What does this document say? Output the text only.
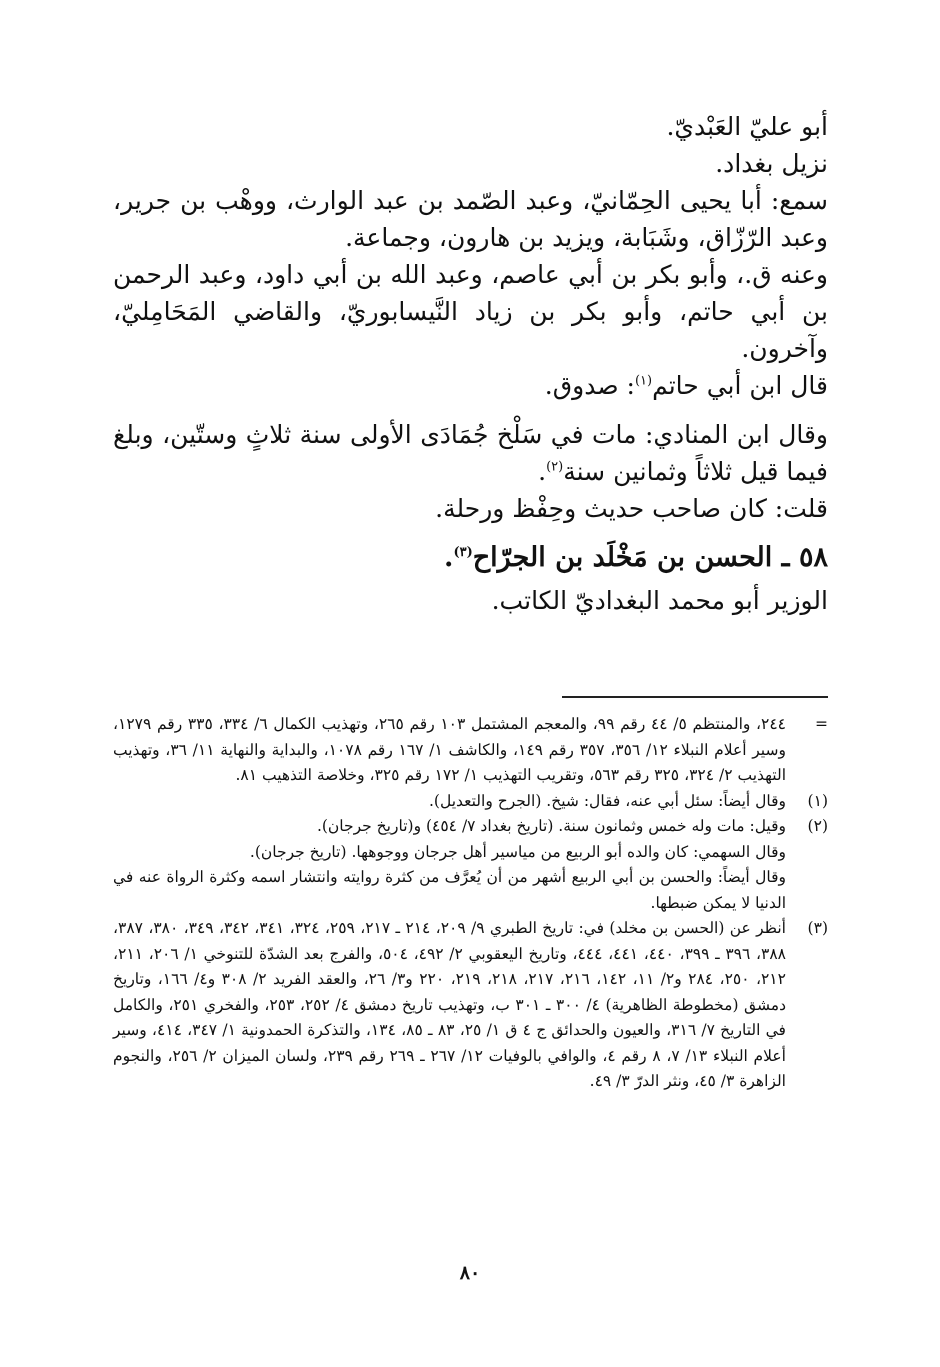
أبو عليّ العَبْديّ.

نزيل بغداد.

سمع: أبا يحيى الحِمّانيّ، وعبد الصّمد بن عبد الوارث، ووهْب بن جرير، وعبد الرّزّاق، وشَبَابة، ويزيد بن هارون، وجماعة.

وعنه ق.، وأبو بكر بن أبي عاصم، وعبد الله بن أبي داود، وعبد الرحمن بن أبي حاتم، وأبو بكر بن زياد النَّيسابوريّ، والقاضي المَحَامِليّ، وآخرون.

قال ابن أبي حاتم$^{(١)}$: صدوق.

وقال ابن المنادي: مات في سَلْخ جُمَادَى الأولى سنة ثلاثٍ وستّين، وبلغ فيما قيل ثلاثاً وثمانين سنة$^{(٢)}$.

قلت: كان صاحب حديث وحِفْظ ورحلة.

٥٨ ـ الحسن بن مَخْلَد بن الجرّاح$^{(٣)}$.

الوزير أبو محمد البغداديّ الكاتب.

=

٢٤٤، والمنتظم ٥/ ٤٤ رقم ٩٩، والمعجم المشتمل ١٠٣ رقم ٢٦٥، وتهذيب الكمال ٦/ ٣٣٤، ٣٣٥ رقم ١٢٧٩، وسير أعلام النبلاء ١٢/ ٣٥٦، ٣٥٧ رقم ١٤٩، والكاشف ١/ ١٦٧ رقم ١٠٧٨، والبداية والنهاية ١١/ ٣٦، وتهذيب التهذيب ٢/ ٣٢٤، ٣٢٥ رقم ٥٦٣، وتقريب التهذيب ١/ ١٧٢ رقم ٣٢٥، وخلاصة التذهيب ٨١.

(١)

وقال أيضاً: سئل أبي عنه، فقال: شيخ. (الجرح والتعديل).

(٢)

وقيل: مات وله خمس وثمانون سنة. (تاريخ بغداد ٧/ ٤٥٤) و(تاريخ جرجان).

وقال السهمي: كان والده أبو الربيع من مياسير أهل جرجان ووجوهها. (تاريخ جرجان).

وقال أيضاً: والحسن بن أبي الربيع أشهر من أن يُعرَّف من كثرة روايته وانتشار اسمه وكثرة الرواة عنه في الدنيا لا يمكن ضبطها.

(٣)

أنظر عن (الحسن بن مخلد) في: تاريخ الطبري ٩/ ٢٠٩، ٢١٤ ـ ٢١٧، ٢٥٩، ٣٢٤، ٣٤١، ٣٤٢، ٣٤٩، ٣٨٠، ٣٨٧، ٣٨٨، ٣٩٦ ـ ٣٩٩، ٤٤٠، ٤٤١، ٤٤٤، وتاريخ اليعقوبي ٢/ ٤٩٢، ٥٠٤، والفرج بعد الشدّة للتنوخي ١/ ٢٠٦، ٢١١، ٢١٢، ٢٥٠، ٢٨٤ و٢/ ١١، ١٤٢، ٢١٦، ٢١٧، ٢١٨، ٢١٩، ٢٢٠ و٣/ ٢٦، والعقد الفريد ٢/ ٣٠٨ و٤/ ١٦٦، وتاريخ دمشق (مخطوطة الظاهرية) ٤/ ٣٠٠ ـ ٣٠١ ب، وتهذيب تاريخ دمشق ٤/ ٢٥٢، ٢٥٣، والفخري ٢٥١، والكامل في التاريخ ٧/ ٣١٦، والعيون والحدائق ج ٤ ق ١/ ٢٥، ٨٣ ـ ٨٥، ١٣٤، والتذكرة الحمدونية ١/ ٣٤٧، ٤١٤، وسير أعلام النبلاء ١٣/ ٧، ٨ رقم ٤، والوافي بالوفيات ١٢/ ٢٦٧ ـ ٢٦٩ رقم ٢٣٩، ولسان الميزان ٢/ ٢٥٦، والنجوم الزاهرة ٣/ ٤٥، ونثر الدرّ ٣/ ٤٩.

٨٠
